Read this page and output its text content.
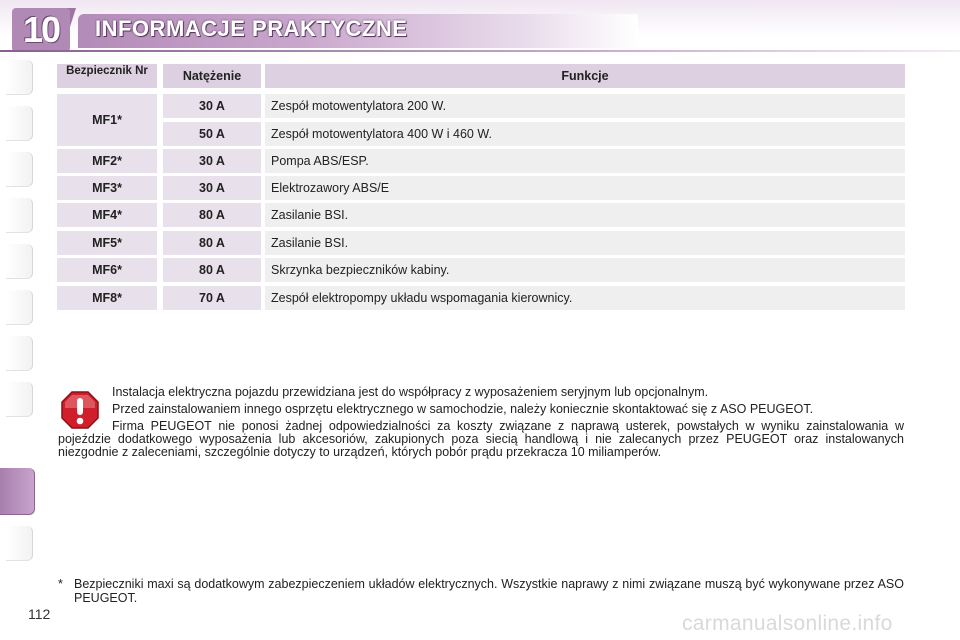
10	INFORMACJE PRAKTYCZNE
Bezpiecznik Nr	Natężenie	Funkcje
MF1*
30 A	Zespół motowentylatora 200 W.
50 A	Zespół motowentylatora 400 W i 460 W.
MF2*	30 A	Pompa ABS/ESP.
MF3*	30 A	Elektrozawory ABS/E
MF4*	80 A	Zasilanie BSI.
MF5*	80 A	Zasilanie BSI.
MF6*	80 A	Skrzynka bezpieczników kabiny.
MF8*	70 A	Zespół elektropompy układu wspomagania kierownicy.

Instalacja elektryczna pojazdu przewidziana jest do współpracy z wyposażeniem seryjnym lub opcjonalnym.

Przed zainstalowaniem innego osprzętu elektrycznego w samochodzie, należy koniecznie skontaktować się z ASO PEUGEOT.

Firma PEUGEOT nie ponosi żadnej odpowiedzialności za koszty związane z naprawą usterek, powstałych w wyniku zainstalowania w pojeździe dodatkowego wyposażenia lub akcesoriów, zakupionych poza siecią handlową i nie zalecanych przez PEUGEOT oraz instalowanych niezgodnie z zaleceniami, szczególnie dotyczy to urządzeń, których pobór prądu przekracza 10 miliamperów.

* Bezpieczniki maxi są dodatkowym zabezpieczeniem układów elektrycznych. Wszystkie naprawy z nimi związane muszą być wykonywane przez ASO PEUGEOT.
112	carmanualsonline.info
